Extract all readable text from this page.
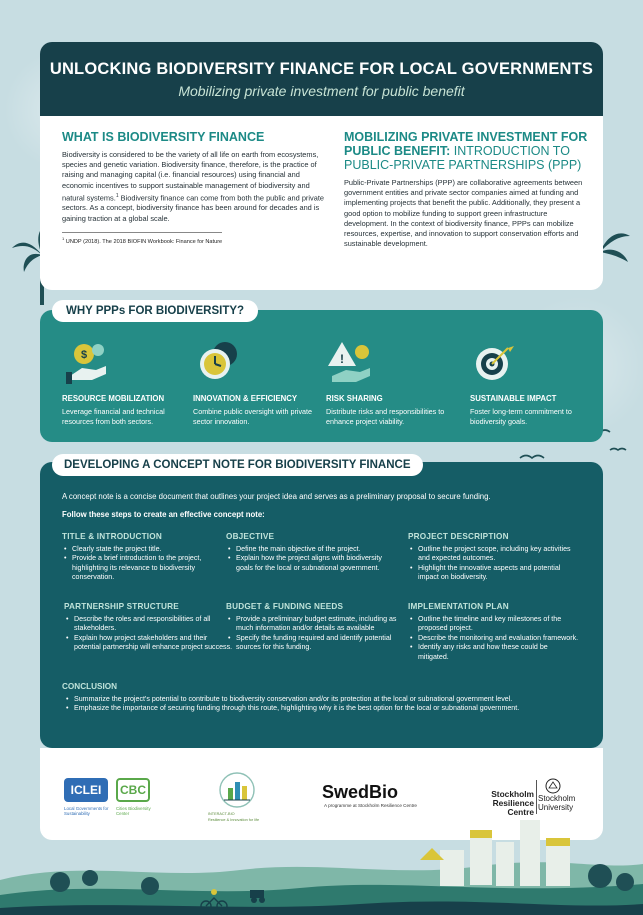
UNLOCKING BIODIVERSITY FINANCE FOR LOCAL GOVERNMENTS
Mobilizing private investment for public benefit
WHAT IS BIODIVERSITY FINANCE
Biodiversity is considered to be the variety of all life on earth from ecosystems, species and genetic variation. Biodiversity finance, therefore, is the practice of raising and managing capital (i.e. financial resources) using financial and economic incentives to support sustainable management of biodiversity and natural systems.$^1$ Biodiversity finance can come from both the public and private sectors. As a concept, biodiversity finance has been around for decades and is gaining traction at a global scale.
$^1$ UNDP (2018). The 2018 BIOFIN Workbook: Finance for Nature
MOBILIZING PRIVATE INVESTMENT FOR PUBLIC BENEFIT: INTRODUCTION TO PUBLIC-PRIVATE PARTNERSHIPS (PPP)
Public-Private Partnerships (PPP) are collaborative agreements between government entities and private sector companies aimed at funding and implementing projects that benefit the public. Additionally, they present a good option to mobilize funding to support green infrastructure development. In the context of biodiversity finance, PPPs can mobilize resources, expertise, and innovation to support conservation efforts and sustainable development.
$
RESOURCE MOBILIZATION
Leverage financial and technical resources from both sectors.
INNOVATION & EFFICIENCY
Combine public oversight with private sector innovation.
!
RISK SHARING
Distribute risks and responsibilities to enhance project viability.
SUSTAINABLE IMPACT
Foster long-term commitment to biodiversity goals.
WHY PPPs FOR BIODIVERSITY?
A concept note is a concise document that outlines your project idea and serves as a preliminary proposal to secure funding.
Follow these steps to create an effective concept note:
TITLE & INTRODUCTION
• Clearly state the project title.
• Provide a brief introduction to the project, highlighting its relevance to biodiversity conservation.
OBJECTIVE
• Define the main objective of the project.
• Explain how the project aligns with biodiversity goals for the local or subnational government.
PROJECT DESCRIPTION
• Outline the project scope, including key activities and expected outcomes.
• Highlight the innovative aspects and potential impact on biodiversity.
PARTNERSHIP STRUCTURE
• Describe the roles and responsibilities of all stakeholders.
• Explain how project stakeholders and their potential partnership will enhance project success.
BUDGET & FUNDING NEEDS
• Provide a preliminary budget estimate, including as much information and/or details as available
• Specify the funding required and identify potential sources for this funding.
IMPLEMENTATION PLAN
• Outline the timeline and key milestones of the proposed project.
• Describe the monitoring and evaluation framework.
• Identify any risks and how these could be mitigated.
CONCLUSION
• Summarize the project's potential to contribute to biodiversity conservation and/or its protection at the local or subnational government level.
• Emphasize the importance of securing funding through this route, highlighting why it is the best option for the local or subnational government.
DEVELOPING A CONCEPT NOTE FOR BIODIVERSITY FINANCE
ICLEI
Local Governments for Sustainability
CBC
Cities Biodiversity Center	INTERACT-BIO
Resilience & Innovation for life
SwedBio
A programme at Stockholm Resilience Centre
Stockholm Resilience Centre
Stockholm University
